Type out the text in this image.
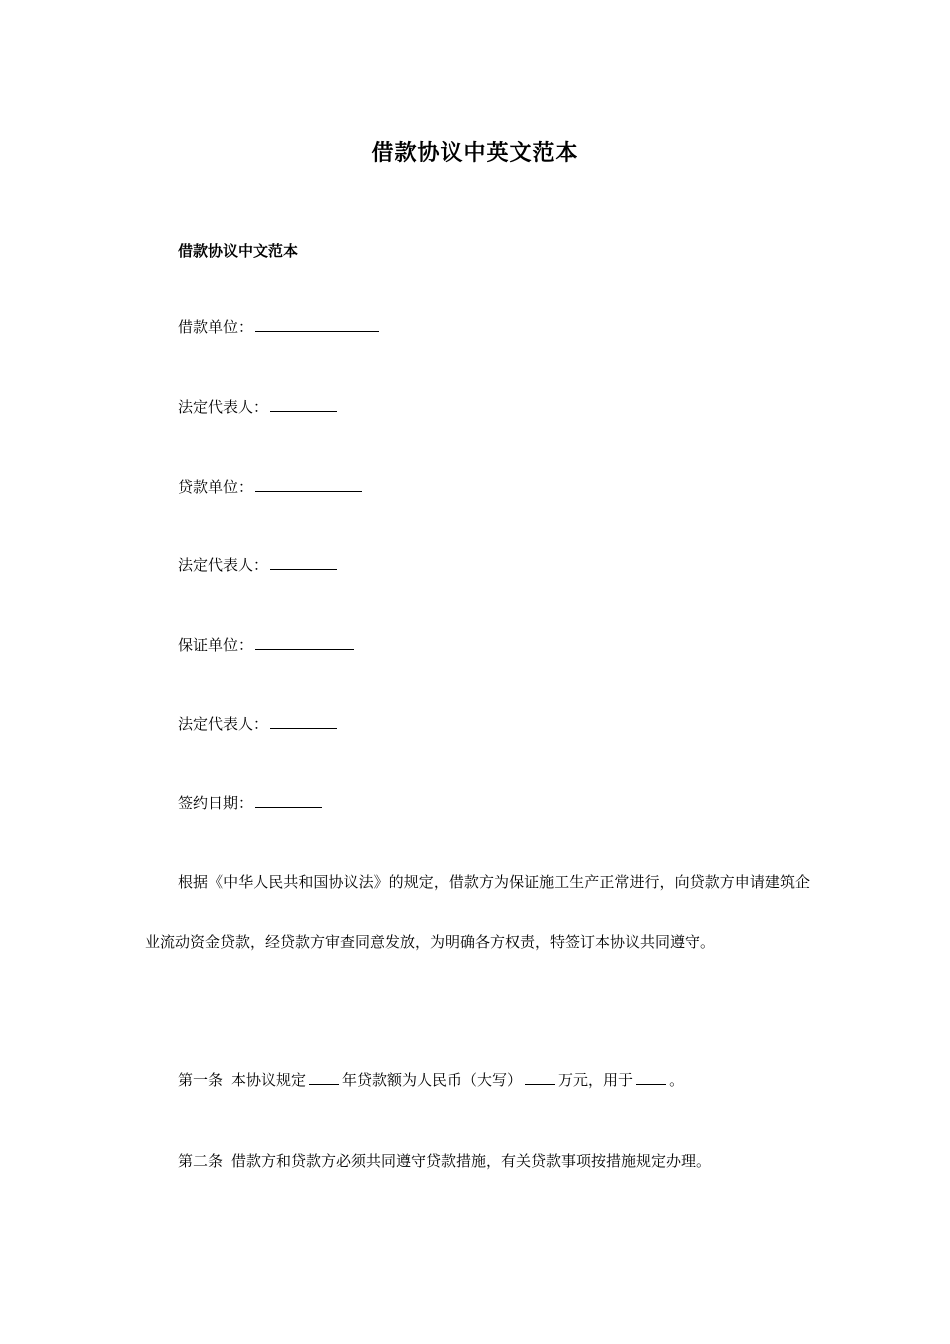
借款协议中英文范本
借款协议中文范本
借款单位：
法定代表人：
贷款单位：
法定代表人：
保证单位：
法定代表人：
签约日期：
根据《中华人民共和国协议法》的规定，借款方为保证施工生产正常进行，向贷款方申请建筑企业流动资金贷款，经贷款方审查同意发放，为明确各方权责，特签订本协议共同遵守。
第一条 本协议规定 年贷款额为人民币（大写） 万元，用于 。
第二条 借款方和贷款方必须共同遵守贷款措施，有关贷款事项按措施规定办理。
